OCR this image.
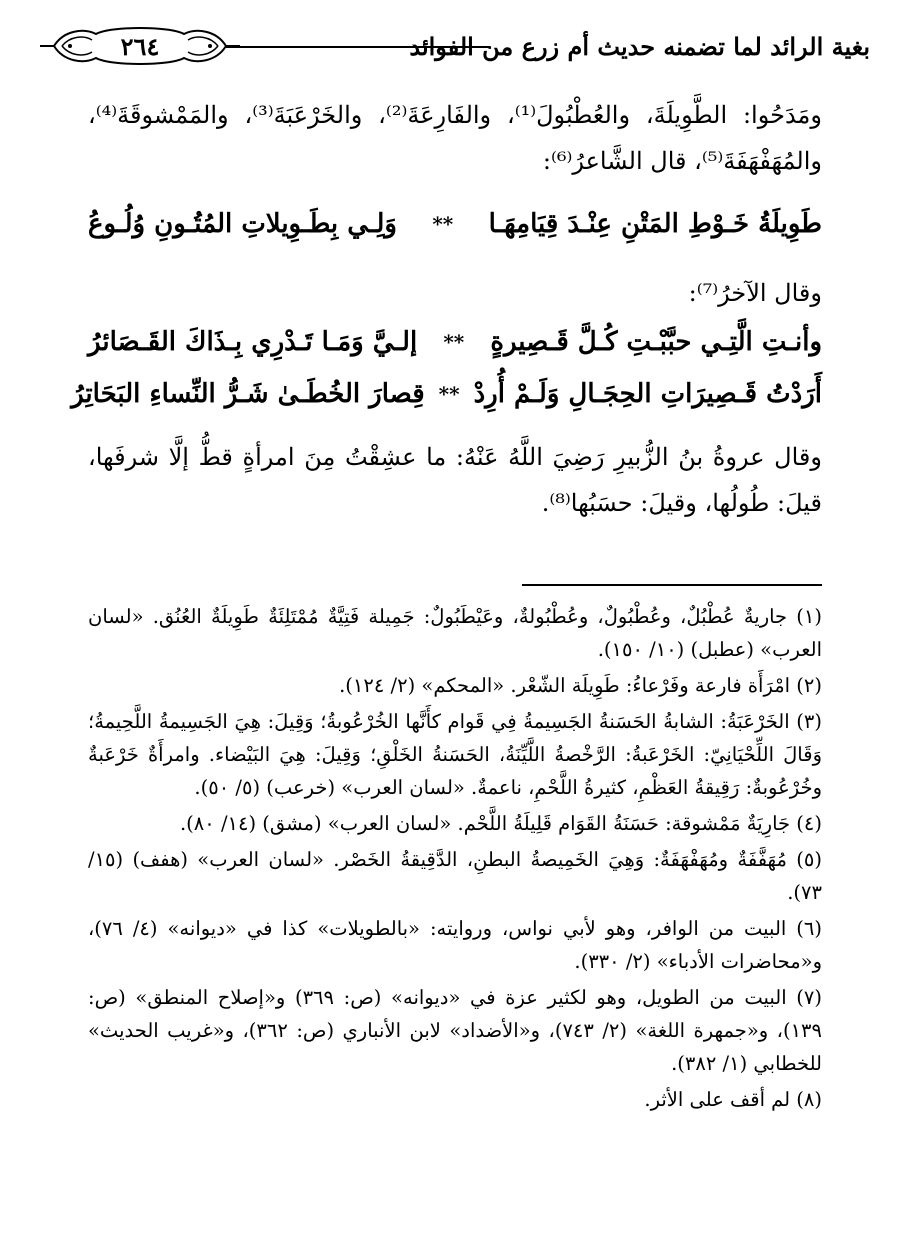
بغية الرائد لما تضمنه حديث أم زرع من الفوائد
٢٦٤

ومَدَحُوا: الطَّوِيلَةَ، والعُطْبُولَ⁽¹⁾، والفَارِعَةَ⁽²⁾، والخَرْعَبَةَ⁽³⁾، والمَمْشوقَةَ⁽⁴⁾، والمُهَفْهَفَةَ⁽⁵⁾، قال الشَّاعرُ⁽⁶⁾:

طَوِيلَةُ خَـوْطِ المَتْنِ عِنْـدَ قِيَامِهَـا
**
وَلِـي بِطَـوِيلاتِ المُتُـونِ وُلُـوعُ

وقال الآخرُ⁽⁷⁾:

وأنـتِ الَّتِـي حبَّبْـتِ كُـلَّ قَـصِيرةٍ
**
إلـيَّ وَمَـا تَـدْرِي بِـذَاكَ القَـصَائرُ
أَرَدْتُ قَـصِيرَاتِ الحِجَـالِ وَلَـمْ أُرِدْ
**
قِصارَ الخُطَـىٰ شَـرُّ النِّساءِ البَحَاتِرُ

وقال عروةُ بنُ الزُّبيرِ رَضِيَ اللَّهُ عَنْهُ: ما عشِقْتُ مِنَ امرأةٍ قطُّ إلَّا شرفَها، قيلَ: طُولُها، وقيلَ: حسَبُها⁽⁸⁾.

(١) جاريةٌ عُطْبُلٌ، وعُطْبُولٌ، وعُطْبُولةٌ، وعَيْطَبُولٌ: جَمِيلة فَتِيَّةٌ مُمْتَلِئَةٌ طَوِيلَةٌ العُنُق. «لسان العرب» (عطبل) (١٠/ ١٥٠).

(٢) امْرَأَة فارعة وفَرْعاءُ: طَوِيلَة الشّعْر. «المحكم» (٢/ ١٢٤).

(٣) الخَرْعَبَةُ: الشابةُ الحَسَنةُ الجَسِيمةُ فِي قَوام كأَنَّها الخُرْعُوبةُ؛ وَقِيلَ: هِيَ الجَسِيمةُ اللَّحِيمةُ؛ وَقَالَ اللِّحْيَانِيّ: الخَرْعَبةُ: الرَّخْصةُ اللَّيِّنَةُ، الحَسَنةُ الخَلْقِ؛ وَقِيلَ: هِيَ البَيْضاء. وامرأَةٌ خَرْعَبةٌ وخُرْعُوبةٌ: رَقِيقةُ العَظْمِ، كثيرةُ اللَّحْمِ، ناعمةٌ. «لسان العرب» (خرعب) (٥/ ٥٠).

(٤) جَارِيَةٌ مَمْشوقة: حَسَنَةُ القَوَام قَلِيلَةُ اللَّحْم. «لسان العرب» (مشق) (١٤/ ٨٠).

(٥) مُهَفَّفَةٌ ومُهَفْهَفَةٌ: وَهِيَ الخَمِيصةُ البطنِ، الدَّقِيقةُ الخَصْر. «لسان العرب» (هفف) (١٥/ ٧٣).

(٦) البيت من الوافر، وهو لأبي نواس، وروايته: «بالطويلات» كذا في «ديوانه» (٤/ ٧٦)، و«محاضرات الأدباء» (٢/ ٣٣٠).

(٧) البيت من الطويل، وهو لكثير عزة في «ديوانه» (ص: ٣٦٩) و«إصلاح المنطق» (ص: ١٣٩)، و«جمهرة اللغة» (٢/ ٧٤٣)، و«الأضداد» لابن الأنباري (ص: ٣٦٢)، و«غريب الحديث» للخطابي (١/ ٣٨٢).

(٨) لم أقف على الأثر.
